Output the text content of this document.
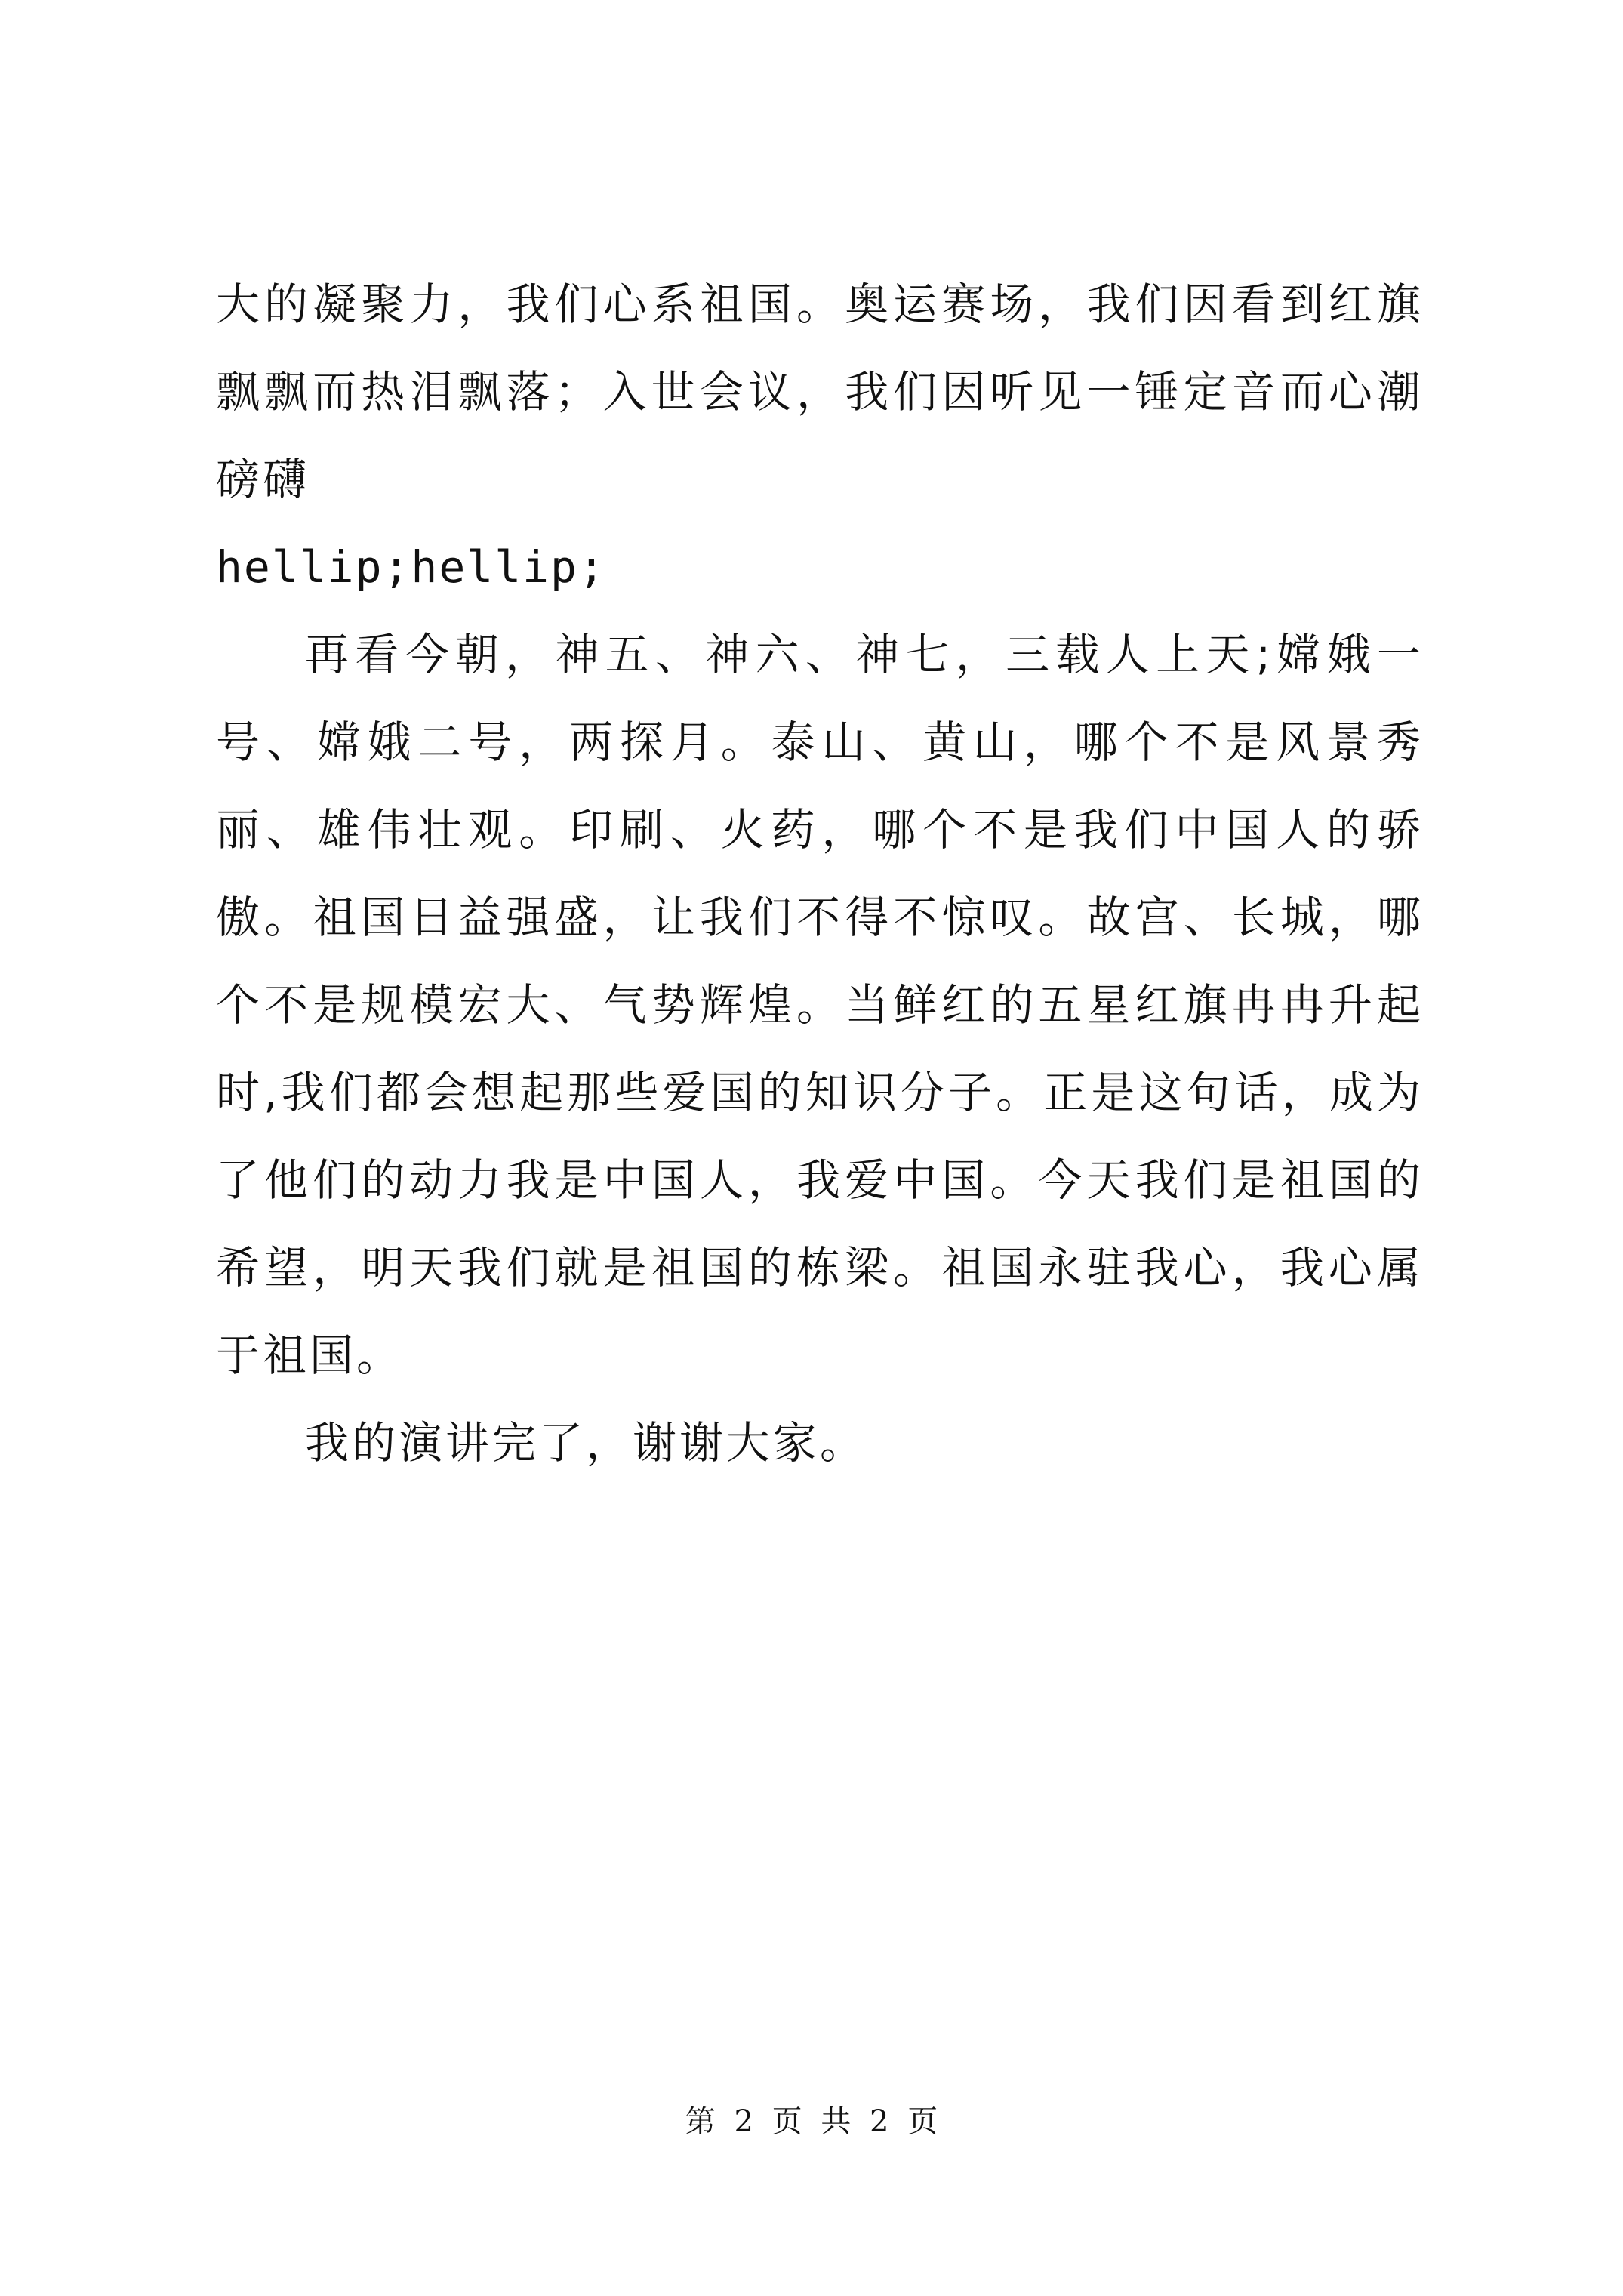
大的凝聚力，我们心系祖国。奥运赛场，我们因看到红旗飘飘而热泪飘落；入世会议，我们因听见一锤定音而心潮磅礴
hellip;hellip;

再看今朝，神五、神六、神七，三载人上天;嫦娥一号、嫦娥二号，两探月。泰山、黄山，哪个不是风景秀丽、雄伟壮观。印刷、火药，哪个不是我们中国人的骄傲。祖国日益强盛，让我们不得不惊叹。故宫、长城，哪个不是规模宏大、气势辉煌。当鲜红的五星红旗冉冉升起时,我们都会想起那些爱国的知识分子。正是这句话，成为了他们的动力我是中国人，我爱中国。今天我们是祖国的希望，明天我们就是祖国的栋梁。祖国永驻我心，我心属于祖国。

我的演讲完了，谢谢大家。

第 2 页 共 2 页
